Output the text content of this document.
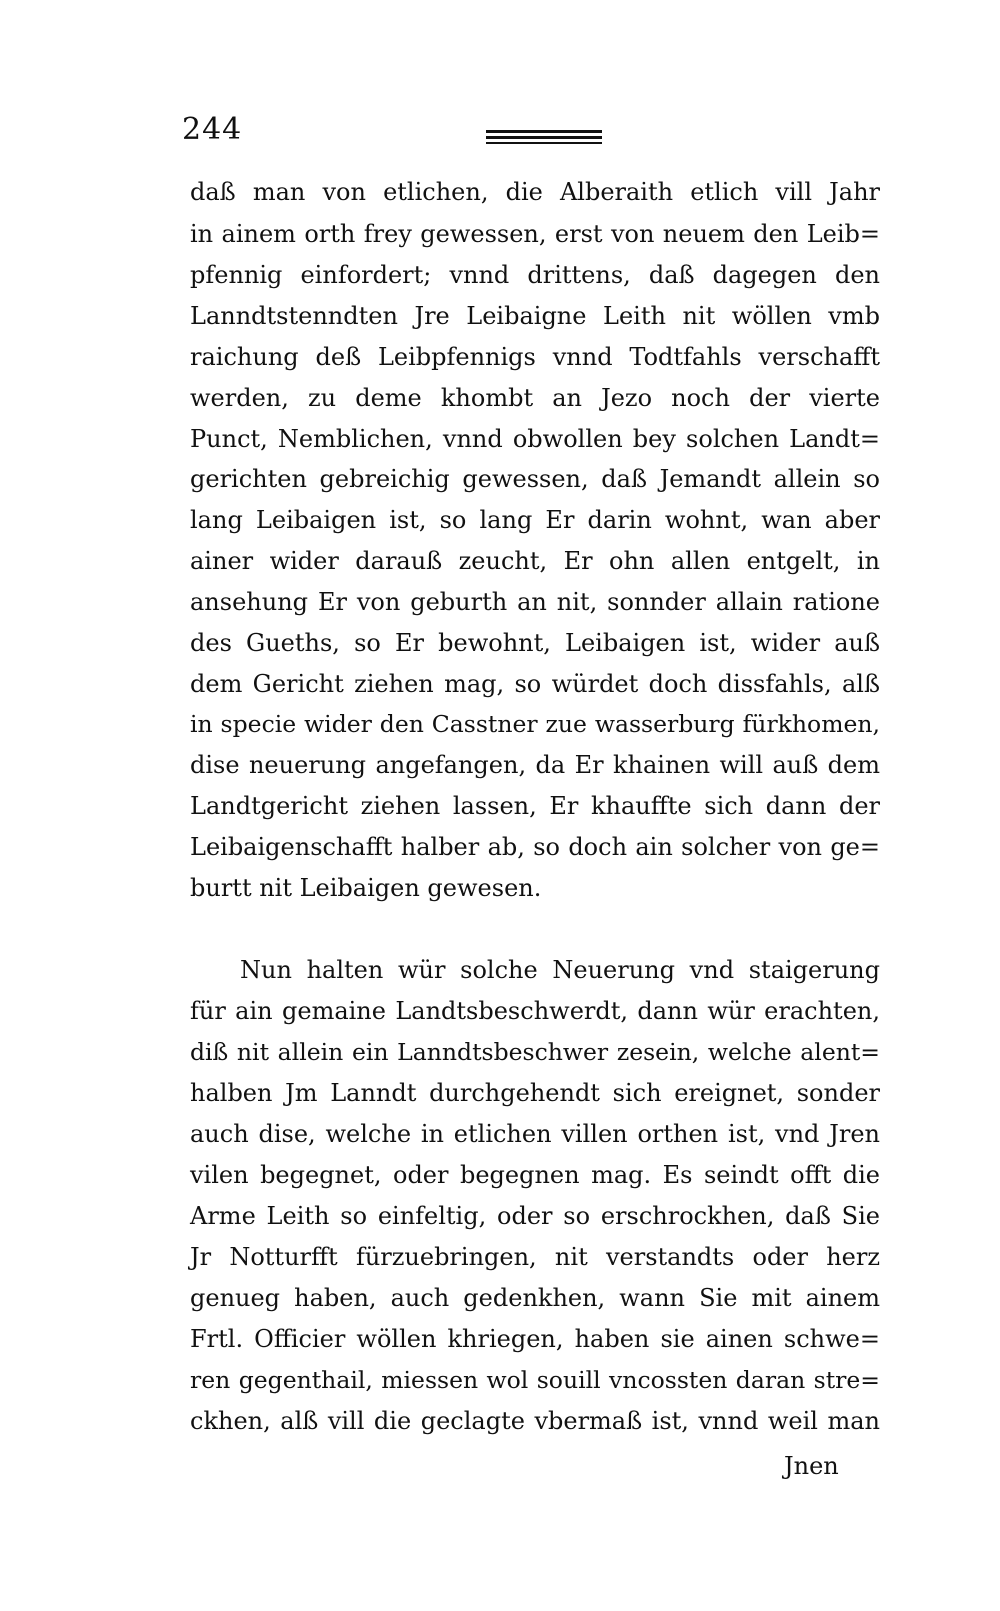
244
daß man von etlichen, die Alberaith etlich vill Jahr
in ainem orth frey gewessen, erst von neuem den Leib=
pfennig einfordert; vnnd drittens, daß dagegen den
Lanndtstenndten Jre Leibaigne Leith nit wöllen vmb
raichung deß Leibpfennigs vnnd Todtfahls verschafft
werden, zu deme khombt an Jezo noch der vierte
Punct, Nemblichen, vnnd obwollen bey solchen Landt=
gerichten gebreichig gewessen, daß Jemandt allein so
lang Leibaigen ist, so lang Er darin wohnt, wan aber
ainer wider darauß zeucht, Er ohn allen entgelt, in
ansehung Er von geburth an nit, sonnder allain ratione
des Gueths, so Er bewohnt, Leibaigen ist, wider auß
dem Gericht ziehen mag, so würdet doch dissfahls, alß
in specie wider den Casstner zue wasserburg fürkhomen,
dise neuerung angefangen, da Er khainen will auß dem
Landtgericht ziehen lassen, Er khauffte sich dann der
Leibaigenschafft halber ab, so doch ain solcher von ge=
burtt nit Leibaigen gewesen.
Nun halten wür solche Neuerung vnd staigerung
für ain gemaine Landtsbeschwerdt, dann wür erachten,
diß nit allein ein Lanndtsbeschwer zesein, welche alent=
halben Jm Lanndt durchgehendt sich ereignet, sonder
auch dise, welche in etlichen villen orthen ist, vnd Jren
vilen begegnet, oder begegnen mag. Es seindt offt die
Arme Leith so einfeltig, oder so erschrockhen, daß Sie
Jr Notturfft fürzuebringen, nit verstandts oder herz
genueg haben, auch gedenkhen, wann Sie mit ainem
Frtl. Officier wöllen khriegen, haben sie ainen schwe=
ren gegenthail, miessen wol souill vncossten daran stre=
ckhen, alß vill die geclagte vbermaß ist, vnnd weil man
Jnen
